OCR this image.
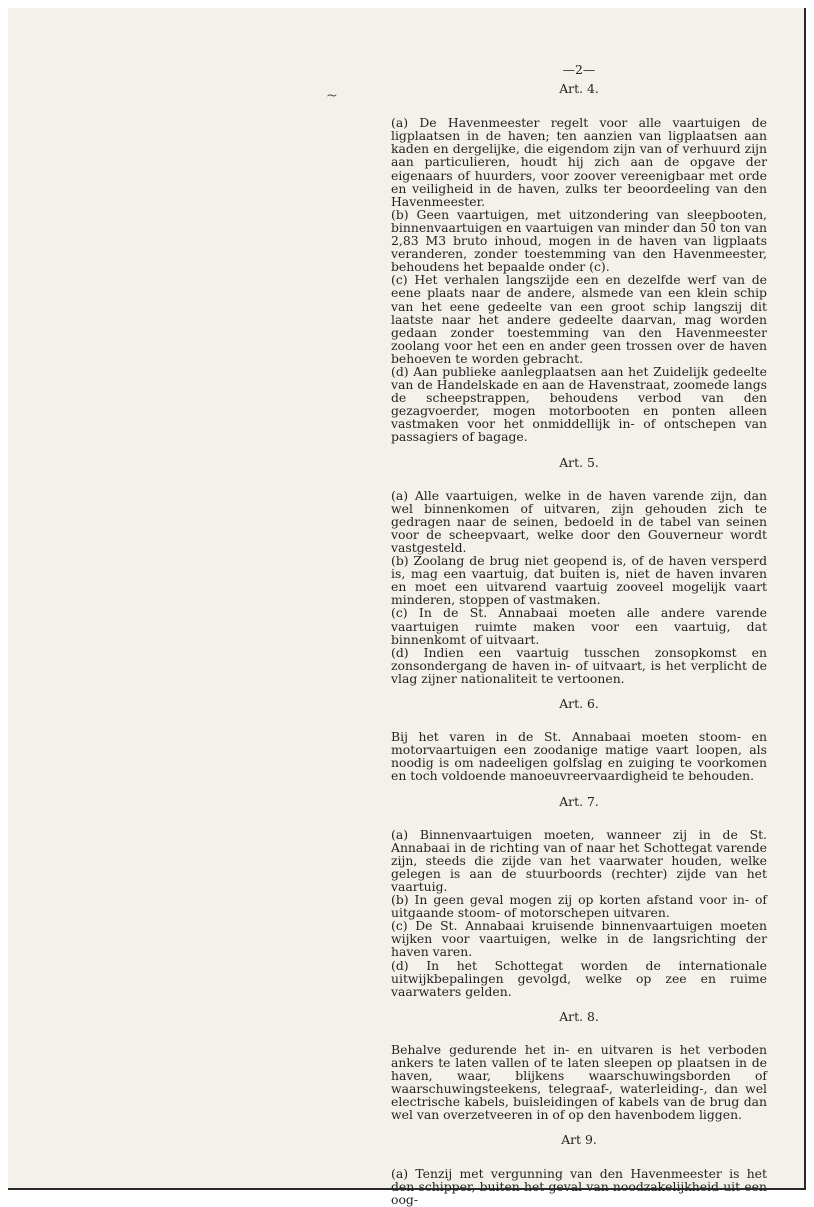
~
—2—
Art. 4.

(a) De Havenmeester regelt voor alle vaartuigen de ligplaatsen in de haven; ten aanzien van ligplaatsen aan kaden en dergelijke, die eigendom zijn van of verhuurd zijn aan particulieren, houdt hij zich aan de opgave der eigenaars of huurders, voor zoover vereenigbaar met orde en veiligheid in de haven, zulks ter beoordeeling van den Havenmeester.

(b) Geen vaartuigen, met uitzondering van sleepbooten, binnenvaartuigen en vaartuigen van minder dan 50 ton van 2,83 M3 bruto inhoud, mogen in de haven van ligplaats veranderen, zonder toestemming van den Havenmeester, behoudens het bepaalde onder (c).

(c) Het verhalen langszijde een en dezelfde werf van de eene plaats naar de andere, alsmede van een klein schip van het eene gedeelte van een groot schip langszij dit laatste naar het andere gedeelte daarvan, mag worden gedaan zonder toestemming van den Havenmeester zoolang voor het een en ander geen trossen over de haven behoeven te worden gebracht.

(d) Aan publieke aanlegplaatsen aan het Zuidelijk gedeelte van de Handelskade en aan de Havenstraat, zoomede langs de scheepstrappen, behoudens verbod van den gezagvoerder, mogen motorbooten en ponten alleen vastmaken voor het onmiddellijk in- of ontschepen van passagiers of bagage.

Art. 5.

(a) Alle vaartuigen, welke in de haven varende zijn, dan wel binnenkomen of uitvaren, zijn gehouden zich te gedragen naar de seinen, bedoeld in de tabel van seinen voor de scheepvaart, welke door den Gouverneur wordt vastgesteld.

(b) Zoolang de brug niet geopend is, of de haven versperd is, mag een vaartuig, dat buiten is, niet de haven invaren en moet een uitvarend vaartuig zooveel mogelijk vaart minderen, stoppen of vastmaken.

(c) In de St. Annabaai moeten alle andere varende vaartuigen ruimte maken voor een vaartuig, dat binnenkomt of uitvaart.

(d) Indien een vaartuig tusschen zonsopkomst en zonsondergang de haven in- of uitvaart, is het verplicht de vlag zijner nationaliteit te vertoonen.

Art. 6.

Bij het varen in de St. Annabaai moeten stoom- en motorvaartuigen een zoodanige matige vaart loopen, als noodig is om nadeeligen golfslag en zuiging te voorkomen en toch voldoende manoeuvreervaardigheid te behouden.

Art. 7.

(a) Binnenvaartuigen moeten, wanneer zij in de St. Annabaai in de richting van of naar het Schottegat varende zijn, steeds die zijde van het vaarwater houden, welke gelegen is aan de stuurboords (rechter) zijde van het vaartuig.

(b) In geen geval mogen zij op korten afstand voor in- of uitgaande stoom- of motorschepen uitvaren.

(c) De St. Annabaai kruisende binnenvaartuigen moeten wijken voor vaartuigen, welke in de langsrichting der haven varen.

(d) In het Schottegat worden de internationale uitwijkbepalingen gevolgd, welke op zee en ruime vaarwaters gelden.

Art. 8.

Behalve gedurende het in- en uitvaren is het verboden ankers te laten vallen of te laten sleepen op plaatsen in de haven, waar, blijkens waarschuwingsborden of waarschuwingsteekens, telegraaf-, waterleiding-, dan wel electrische kabels, buisleidingen of kabels van de brug dan wel van overzetveeren in of op den havenbodem liggen.

Art 9.

(a) Tenzij met vergunning van den Havenmeester is het den schipper, buiten het geval van noodzakelijkheid uit een oog-
